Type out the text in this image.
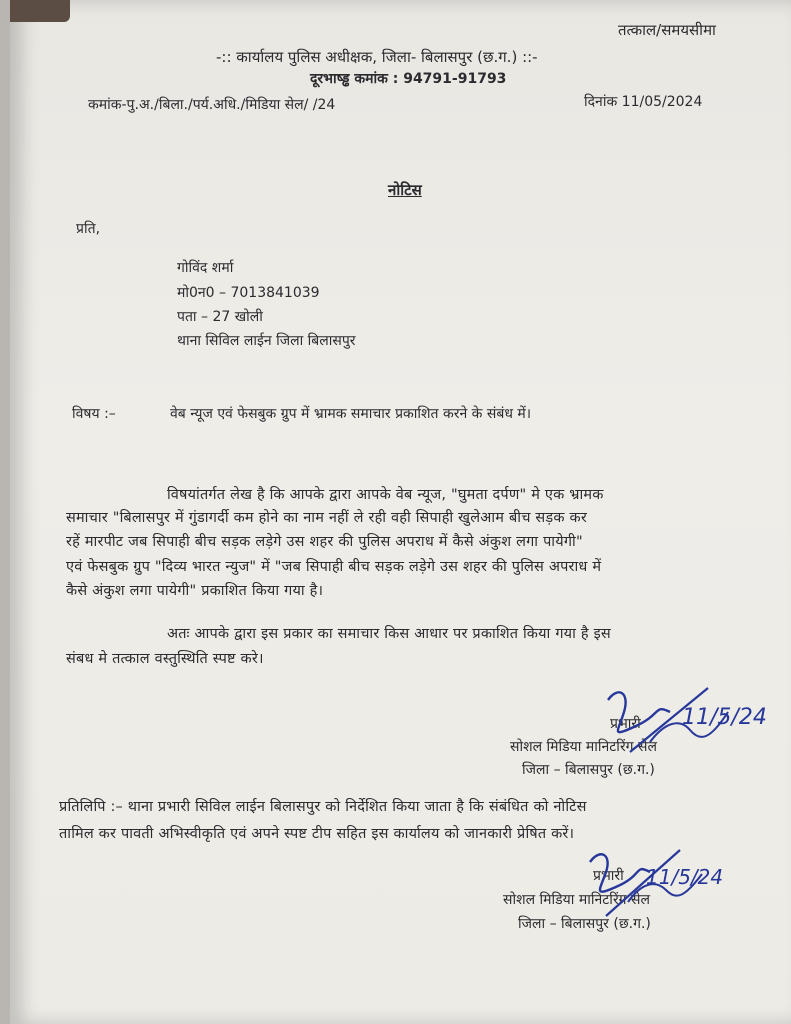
तत्काल/समयसीमा
-:: कार्यालय पुलिस अधीक्षक, जिला- बिलासपुर (छ.ग.) ::-
दूरभाष्ड्ढ कमांक : 94791-91793
कमांक-पु.अ./बिला./पर्य.अधि./मिडिया सेल/ /24	दिनांक 11/05/2024
नोटिस
प्रति,
गोविंद शर्मा
मो0न0 – 7013841039
पता – 27 खोली
थाना सिविल लाईन जिला बिलासपुर
विषय :–	वेब न्यूज एवं फेसबुक ग्रुप में भ्रामक समाचार प्रकाशित करने के संबंध में।
विषयांतर्गत लेख है कि आपके द्वारा आपके वेब न्यूज, "घुमता दर्पण" मे एक भ्रामक
समाचार "बिलासपुर में गुंडागर्दी कम होने का नाम नहीं ले रही वही सिपाही खुलेआम बीच सड़क कर
रहें मारपीट जब सिपाही बीच सड़क लड़ेगे उस शहर की पुलिस अपराध में कैसे अंकुश लगा पायेगी"
एवं फेसबुक ग्रुप "दिव्य भारत न्युज" में "जब सिपाही बीच सड़क लड़ेगे उस शहर की पुलिस अपराध में
कैसे अंकुश लगा पायेगी" प्रकाशित किया गया है।
अतः आपके द्वारा इस प्रकार का समाचार किस आधार पर प्रकाशित किया गया है इस
संबध मे तत्काल वस्तुस्थिति स्पष्ट करे।
प्रभारी
सोशल मिडिया मानिटरिंग सेल
जिला – बिलासपुर (छ.ग.)
11/5/24
प्रतिलिपि :– थाना प्रभारी सिविल लाईन बिलासपुर को निर्देशित किया जाता है कि संबंधित को नोटिस
तामिल कर पावती अभिस्वीकृति एवं अपने स्पष्ट टीप सहित इस कार्यालय को जानकारी प्रेषित करें।
प्रभारी
सोशल मिडिया मानिटरिंग सेल
जिला – बिलासपुर (छ.ग.)
11/5/24
